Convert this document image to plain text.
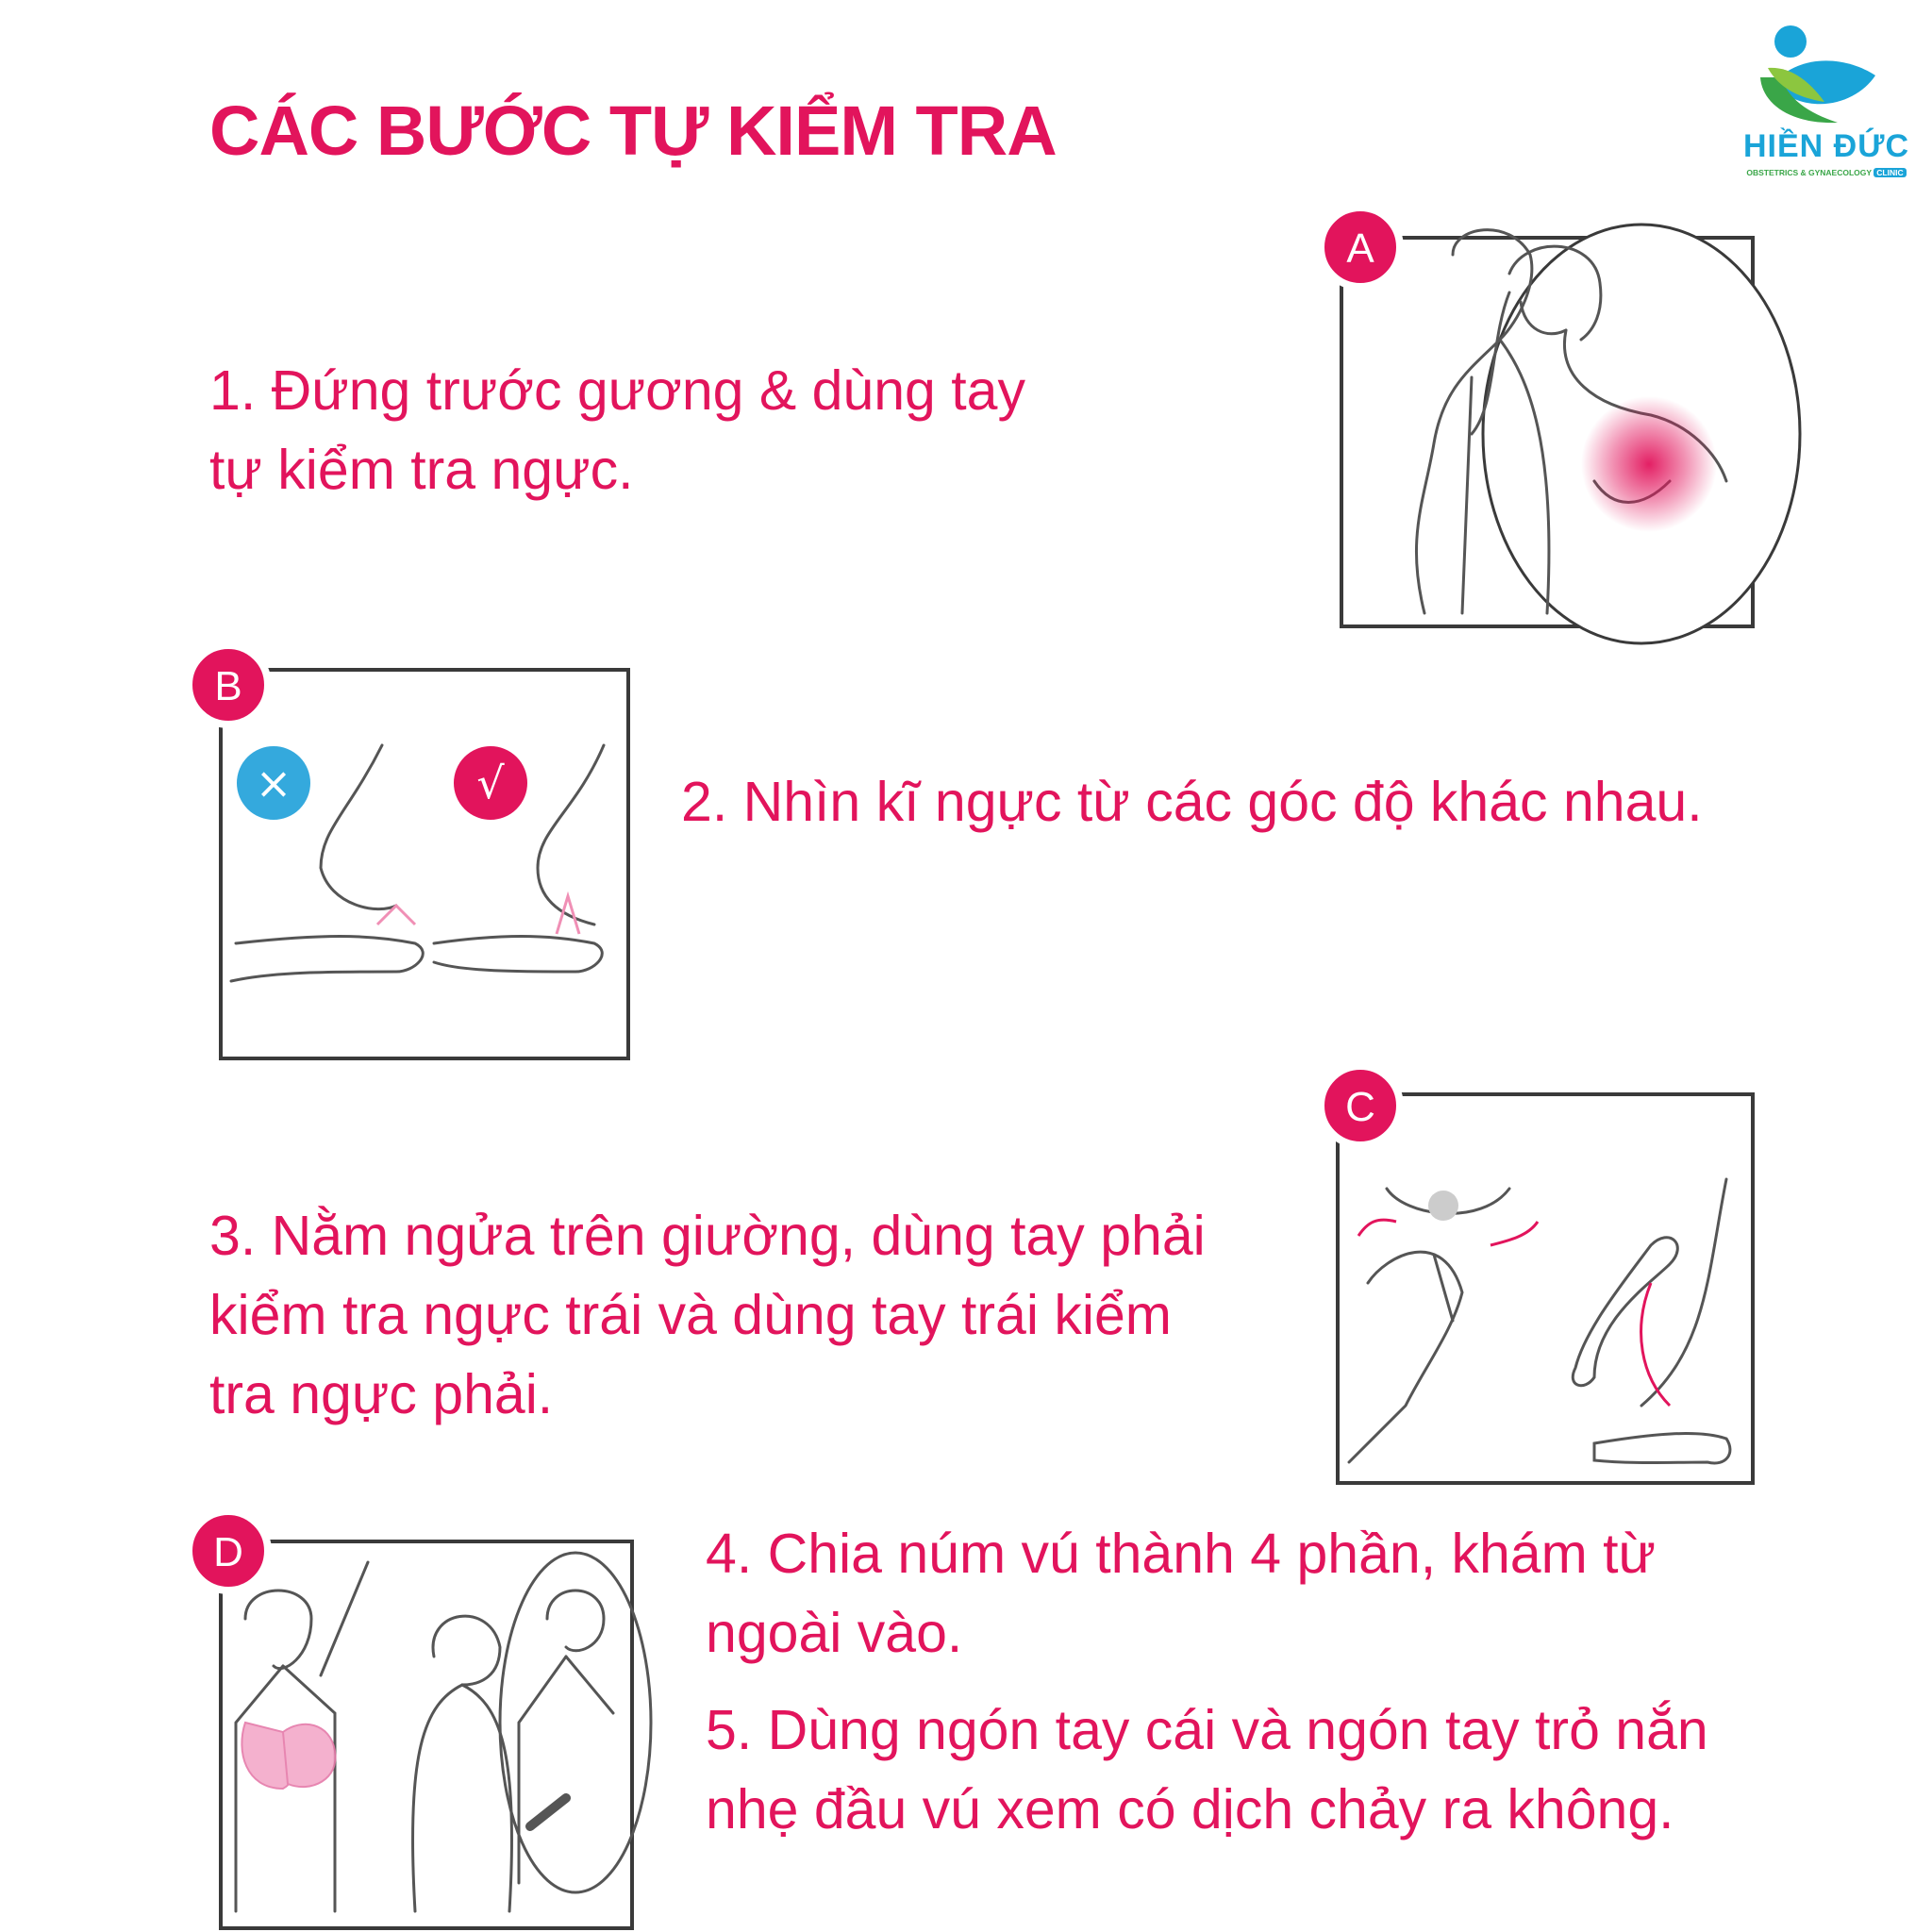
CÁC BƯỚC TỰ KIỂM TRA	HIỀN ĐỨC
OBSTETRICS & GYNAECOLOGY CLINIC
1. Đứng trước gương & dùng tay
tự kiểm tra ngực.
A
×	√
B
2. Nhìn kĩ ngực từ các góc độ khác nhau.
C
3. Nằm ngửa trên giường, dùng tay phải
kiểm tra ngực trái và dùng tay trái kiểm
tra ngực phải.
D	4. Chia núm vú thành 4 phần, khám từ
ngoài vào.
5. Dùng ngón tay cái và ngón tay trỏ nắn
nhẹ đầu vú xem có dịch chảy ra không.
